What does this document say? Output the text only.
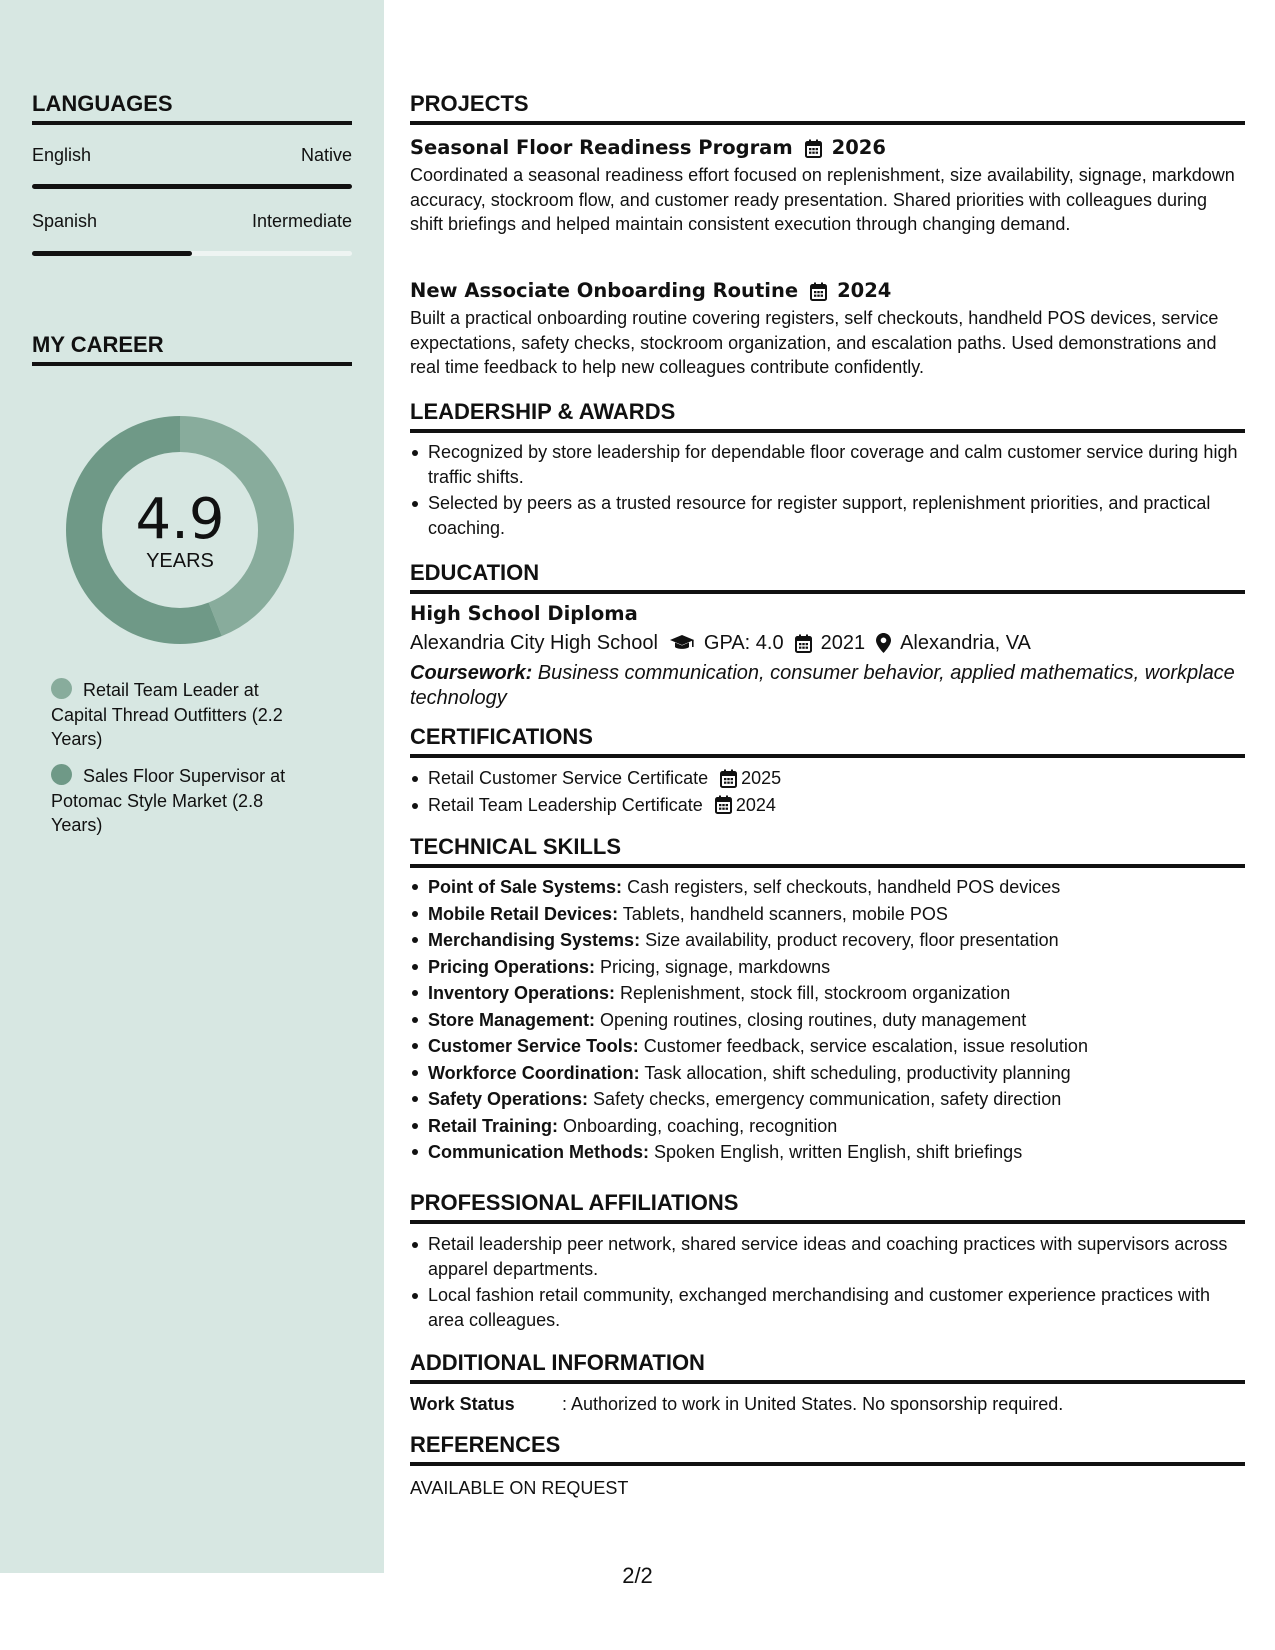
LANGUAGES
English	Native
Spanish	Intermediate
MY CAREER
4.9
YEARS
Retail Team Leader at Capital Thread Outfitters (2.2 Years)
Sales Floor Supervisor at Potomac Style Market (2.8 Years)
PROJECTS
Seasonal Floor Readiness Program 2026
Coordinated a seasonal readiness effort focused on replenishment, size availability, signage, markdown accuracy, stockroom flow, and customer ready presentation. Shared priorities with colleagues during shift briefings and helped maintain consistent execution through changing demand.
New Associate Onboarding Routine 2024
Built a practical onboarding routine covering registers, self checkouts, handheld POS devices, service expectations, safety checks, stockroom organization, and escalation paths. Used demonstrations and real time feedback to help new colleagues contribute confidently.
LEADERSHIP & AWARDS
Recognized by store leadership for dependable floor coverage and calm customer service during high traffic shifts.
Selected by peers as a trusted resource for register support, replenishment priorities, and practical coaching.
EDUCATION
High School Diploma
Alexandria City High School GPA: 4.0 2021 Alexandria, VA
Coursework: Business communication, consumer behavior, applied mathematics, workplace technology
CERTIFICATIONS
Retail Customer Service Certificate 2025
Retail Team Leadership Certificate 2024
TECHNICAL SKILLS
Point of Sale Systems: Cash registers, self checkouts, handheld POS devices
Mobile Retail Devices: Tablets, handheld scanners, mobile POS
Merchandising Systems: Size availability, product recovery, floor presentation
Pricing Operations: Pricing, signage, markdowns
Inventory Operations: Replenishment, stock fill, stockroom organization
Store Management: Opening routines, closing routines, duty management
Customer Service Tools: Customer feedback, service escalation, issue resolution
Workforce Coordination: Task allocation, shift scheduling, productivity planning
Safety Operations: Safety checks, emergency communication, safety direction
Retail Training: Onboarding, coaching, recognition
Communication Methods: Spoken English, written English, shift briefings
PROFESSIONAL AFFILIATIONS
Retail leadership peer network, shared service ideas and coaching practices with supervisors across apparel departments.
Local fashion retail community, exchanged merchandising and customer experience practices with area colleagues.
ADDITIONAL INFORMATION
Work Status	: Authorized to work in United States. No sponsorship required.
REFERENCES
AVAILABLE ON REQUEST
2/2
